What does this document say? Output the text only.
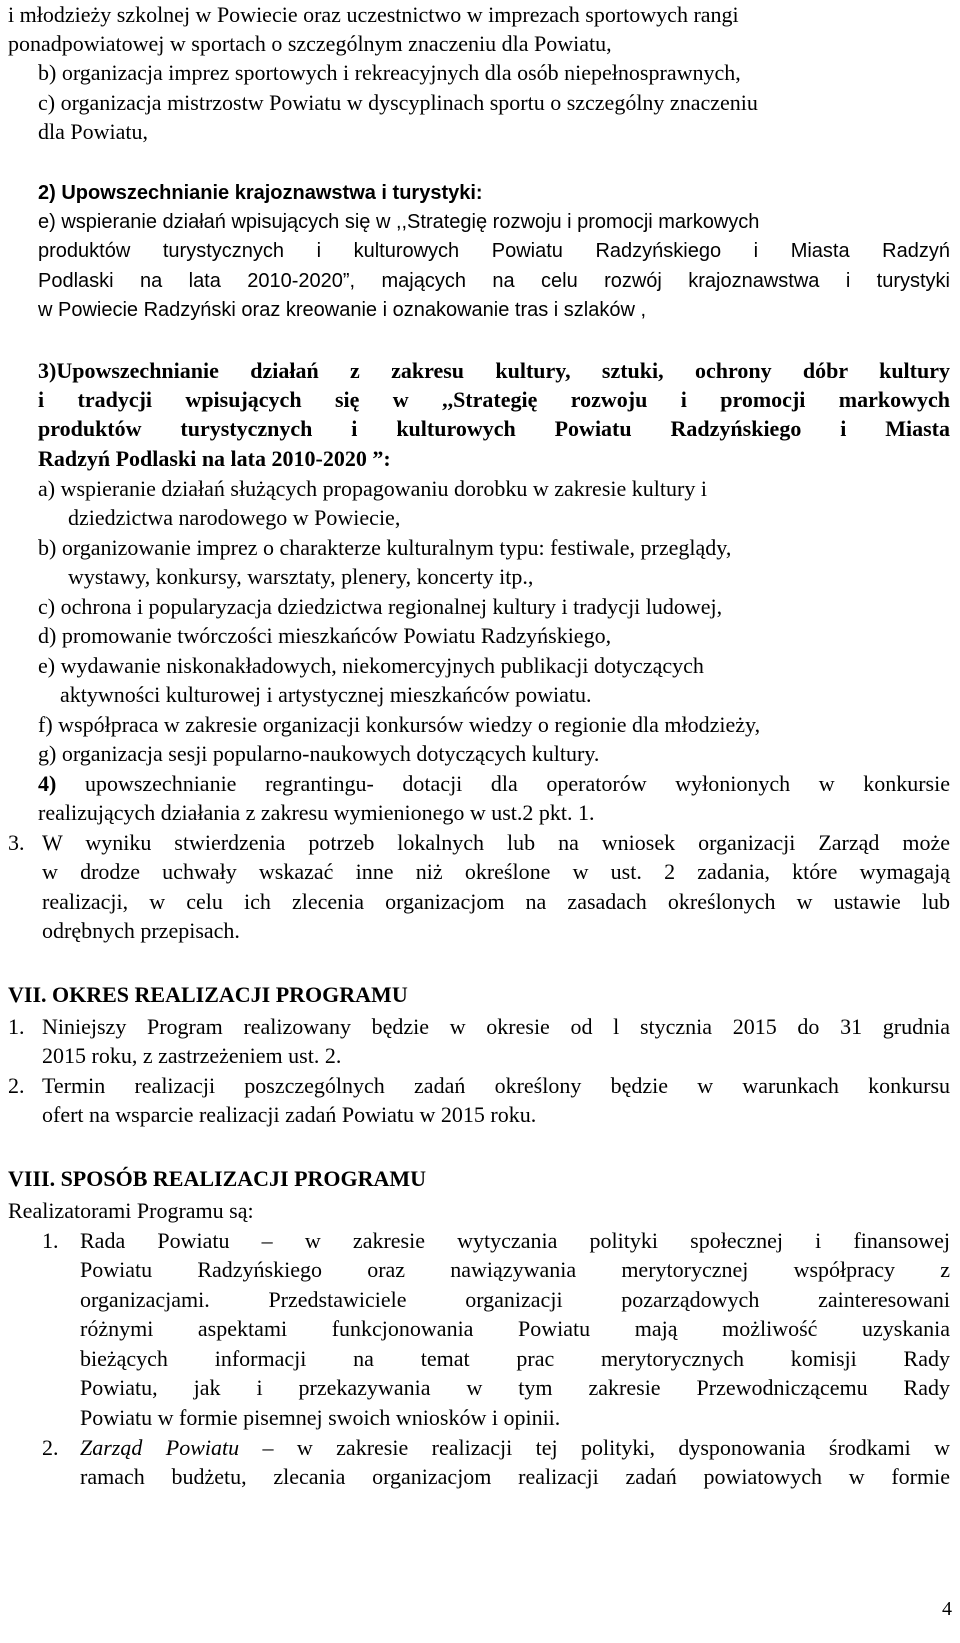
i młodzieży szkolnej w Powiecie oraz uczestnictwo w imprezach sportowych rangi
ponadpowiatowej w sportach o szczególnym znaczeniu dla Powiatu,
b) organizacja imprez sportowych i rekreacyjnych dla osób niepełnosprawnych,
c) organizacja mistrzostw Powiatu w dyscyplinach sportu o szczególny znaczeniu
dla Powiatu,
2) Upowszechnianie krajoznawstwa i turystyki:
e) wspieranie działań wpisujących się w ,,Strategię rozwoju i promocji markowych
produktów turystycznych i kulturowych Powiatu Radzyńskiego i Miasta Radzyń
Podlaski na lata 2010-2020”, mających na celu rozwój krajoznawstwa i turystyki
w Powiecie Radzyński oraz kreowanie i oznakowanie tras i szlaków ,
3)Upowszechnianie działań z zakresu kultury, sztuki, ochrony dóbr kultury
i tradycji wpisujących się w ,,Strategię rozwoju i promocji markowych
produktów turystycznych i kulturowych Powiatu Radzyńskiego i Miasta
Radzyń Podlaski na lata 2010-2020 ”:
a) wspieranie działań służących propagowaniu dorobku w zakresie kultury i
dziedzictwa narodowego w Powiecie,
b) organizowanie imprez o charakterze kulturalnym typu: festiwale, przeglądy,
wystawy, konkursy, warsztaty, plenery, koncerty itp.,
c) ochrona i popularyzacja dziedzictwa regionalnej kultury i tradycji ludowej,
d) promowanie twórczości mieszkańców Powiatu Radzyńskiego,
e) wydawanie niskonakładowych, niekomercyjnych publikacji dotyczących
aktywności kulturowej i artystycznej mieszkańców powiatu.
f) współpraca w zakresie organizacji konkursów wiedzy o regionie dla młodzieży,
g) organizacja sesji popularno-naukowych dotyczących kultury.
4) upowszechnianie regrantingu- dotacji dla operatorów wyłonionych w konkursie
realizujących działania z zakresu wymienionego w ust.2 pkt. 1.
3. W wyniku stwierdzenia potrzeb lokalnych lub na wniosek organizacji Zarząd może
w drodze uchwały wskazać inne niż określone w ust. 2 zadania, które wymagają
realizacji, w celu ich zlecenia organizacjom na zasadach określonych w ustawie lub
odrębnych przepisach.
VII. OKRES REALIZACJI PROGRAMU
1. Niniejszy Program realizowany będzie w okresie od l stycznia 2015 do 31 grudnia
2015 roku, z zastrzeżeniem ust. 2.
2. Termin realizacji poszczególnych zadań określony będzie w warunkach konkursu
ofert na wsparcie realizacji zadań Powiatu w 2015 roku.
VIII. SPOSÓB REALIZACJI PROGRAMU
Realizatorami Programu są:
1. Rada Powiatu – w zakresie wytyczania polityki społecznej i finansowej
Powiatu Radzyńskiego oraz nawiązywania merytorycznej współpracy z
organizacjami. Przedstawiciele organizacji pozarządowych zainteresowani
różnymi aspektami funkcjonowania Powiatu mają możliwość uzyskania
bieżących informacji na temat prac merytorycznych komisji Rady
Powiatu, jak i przekazywania w tym zakresie Przewodniczącemu Rady
Powiatu w formie pisemnej swoich wniosków i opinii.
2. Zarząd Powiatu – w zakresie realizacji tej polityki, dysponowania środkami w
ramach budżetu, zlecania organizacjom realizacji zadań powiatowych w formie
4
